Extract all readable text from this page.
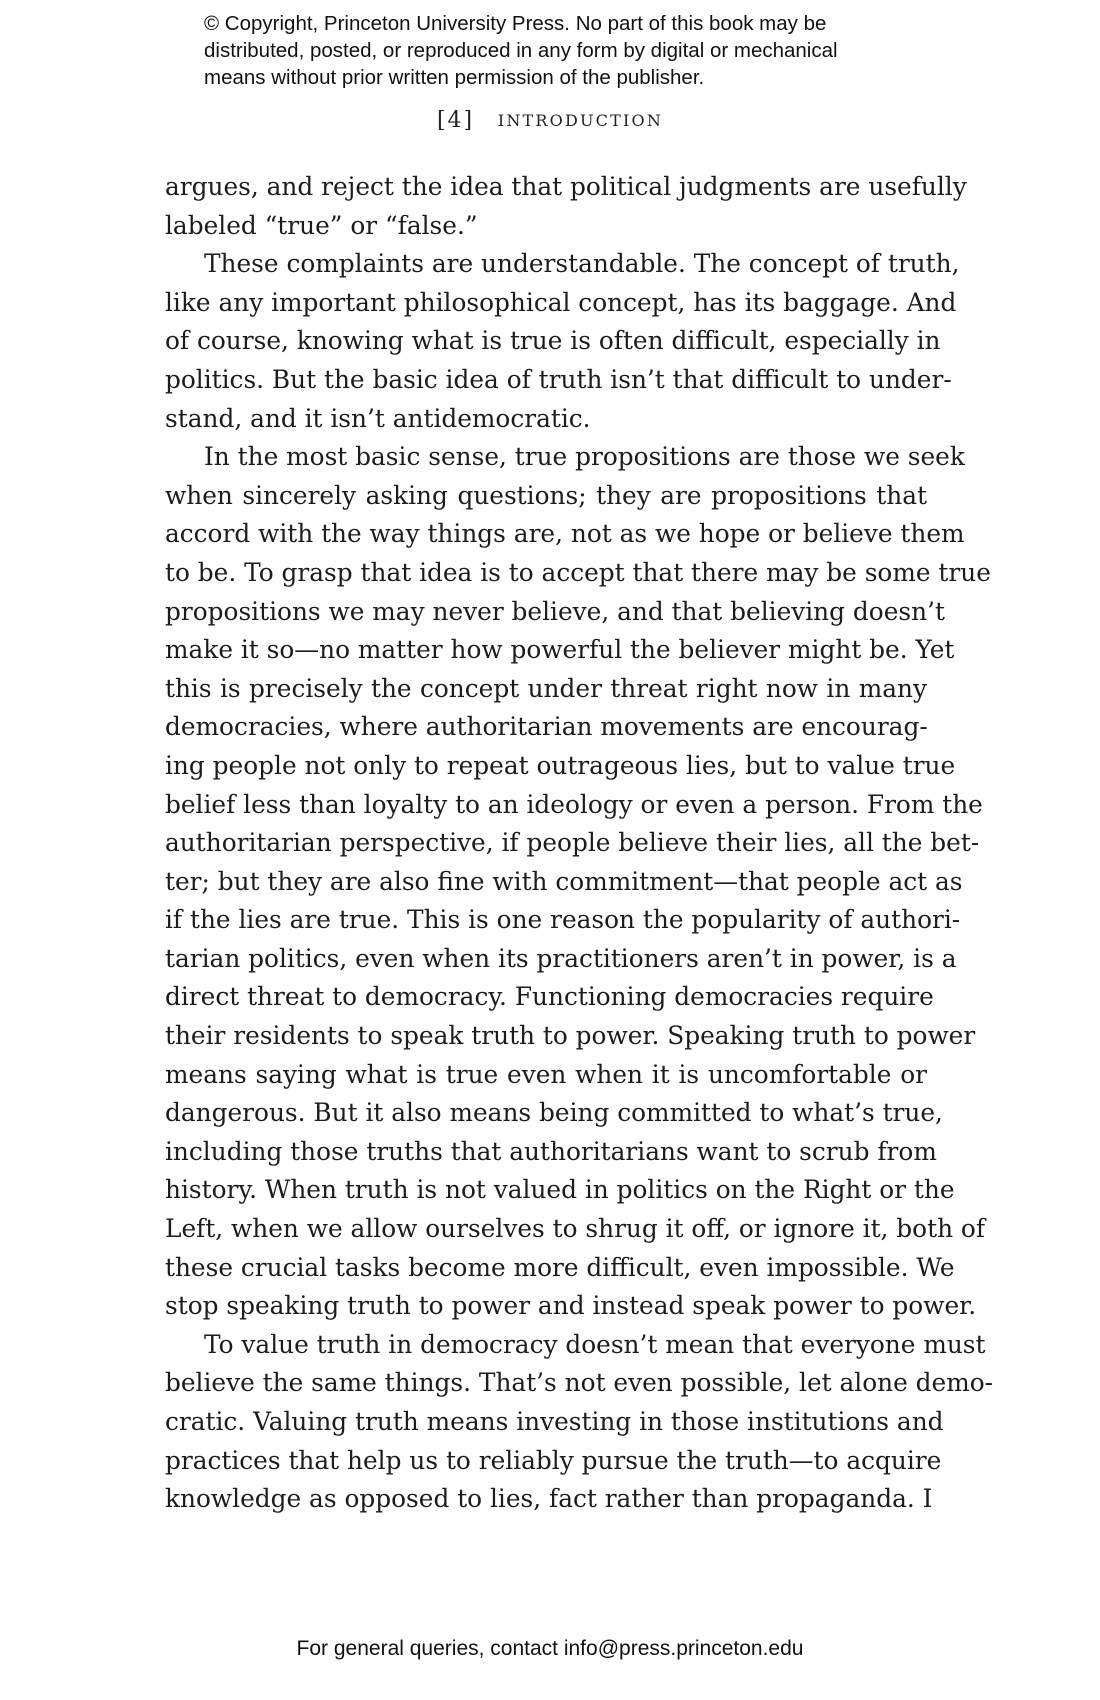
© Copyright, Princeton University Press. No part of this book may be
distributed, posted, or reproduced in any form by digital or mechanical
means without prior written permission of the publisher.
[4] INTRODUCTION
argues, and reject the idea that political judgments are usefully
labeled “true” or “false.”
These complaints are understandable. The concept of truth,
like any important philosophical concept, has its baggage. And
of course, knowing what is true is often difficult, especially in
politics. But the basic idea of truth isn’t that difficult to under-
stand, and it isn’t antidemocratic.
In the most basic sense, true propositions are those we seek
when sincerely asking questions; they are propositions that
accord with the way things are, not as we hope or believe them
to be. To grasp that idea is to accept that there may be some true
propositions we may never believe, and that believing doesn’t
make it so—no matter how powerful the believer might be. Yet
this is precisely the concept under threat right now in many
democracies, where authoritarian movements are encourag-
ing people not only to repeat outrageous lies, but to value true
belief less than loyalty to an ideology or even a person. From the
authoritarian perspective, if people believe their lies, all the bet-
ter; but they are also fine with commitment—that people act as
if the lies are true. This is one reason the popularity of authori-
tarian politics, even when its practitioners aren’t in power, is a
direct threat to democracy. Functioning democracies require
their residents to speak truth to power. Speaking truth to power
means saying what is true even when it is uncomfortable or
dangerous. But it also means being committed to what’s true,
including those truths that authoritarians want to scrub from
history. When truth is not valued in politics on the Right or the
Left, when we allow ourselves to shrug it off, or ignore it, both of
these crucial tasks become more difficult, even impossible. We
stop speaking truth to power and instead speak power to power.
To value truth in democracy doesn’t mean that everyone must
believe the same things. That’s not even possible, let alone demo-
cratic. Valuing truth means investing in those institutions and
practices that help us to reliably pursue the truth—to acquire
knowledge as opposed to lies, fact rather than propaganda. I
For general queries, contact info@press.princeton.edu
